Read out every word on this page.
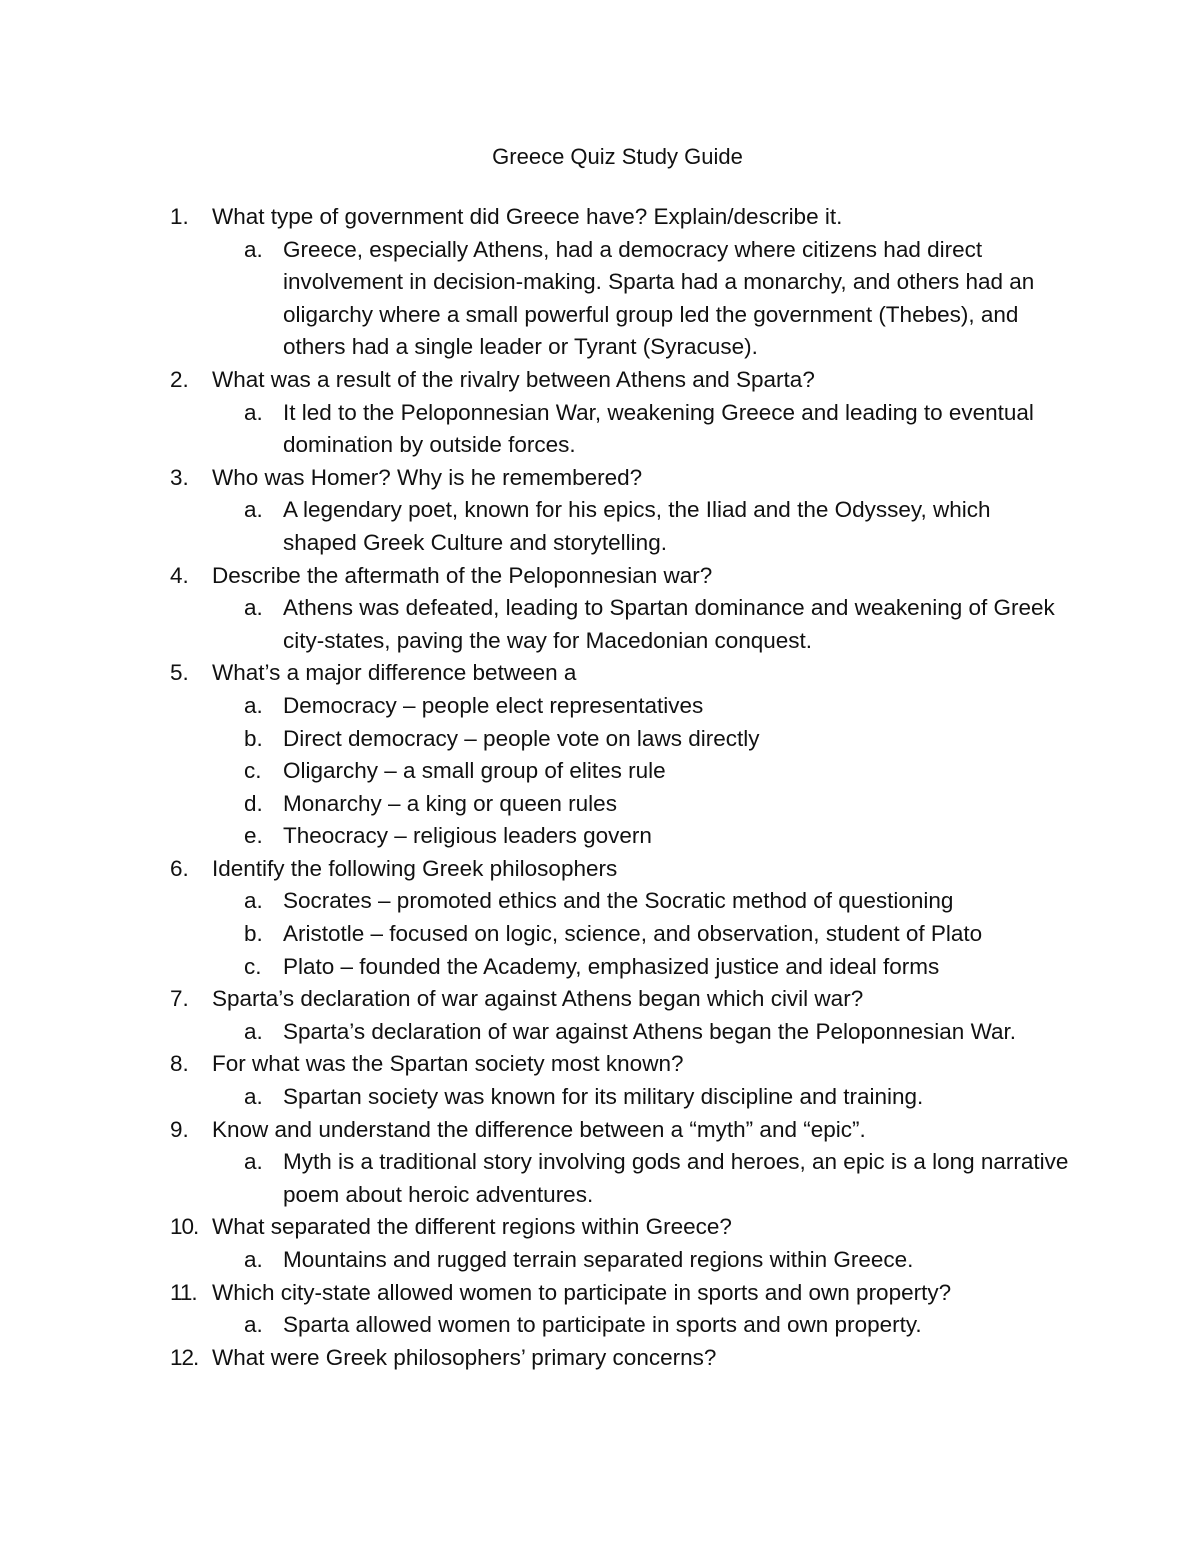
Greece Quiz Study Guide
1.	What type of government did Greece have? Explain/describe it.
a. Greece, especially Athens, had a democracy where citizens had direct involvement in decision-making. Sparta had a monarchy, and others had an oligarchy where a small powerful group led the government (Thebes), and others had a single leader or Tyrant (Syracuse).
2.	What was a result of the rivalry between Athens and Sparta?
a. It led to the Peloponnesian War, weakening Greece and leading to eventual domination by outside forces.
3.	Who was Homer? Why is he remembered?
a. A legendary poet, known for his epics, the Iliad and the Odyssey, which shaped Greek Culture and storytelling.
4.	Describe the aftermath of the Peloponnesian war?
a. Athens was defeated, leading to Spartan dominance and weakening of Greek city-states, paving the way for Macedonian conquest.
5.	What’s a major difference between a
a. Democracy – people elect representatives
b. Direct democracy – people vote on laws directly
c. Oligarchy – a small group of elites rule
d. Monarchy – a king or queen rules
e. Theocracy – religious leaders govern
6.	Identify the following Greek philosophers
a. Socrates – promoted ethics and the Socratic method of questioning
b. Aristotle – focused on logic, science, and observation, student of Plato
c. Plato – founded the Academy, emphasized justice and ideal forms
7.	Sparta’s declaration of war against Athens began which civil war?
a. Sparta’s declaration of war against Athens began the Peloponnesian War.
8.	For what was the Spartan society most known?
a. Spartan society was known for its military discipline and training.
9.	Know and understand the difference between a “myth” and “epic”.
a. Myth is a traditional story involving gods and heroes, an epic is a long narrative poem about heroic adventures.
10. What separated the different regions within Greece?
a. Mountains and rugged terrain separated regions within Greece.
11. Which city-state allowed women to participate in sports and own property?
a. Sparta allowed women to participate in sports and own property.
12. What were Greek philosophers’ primary concerns?
